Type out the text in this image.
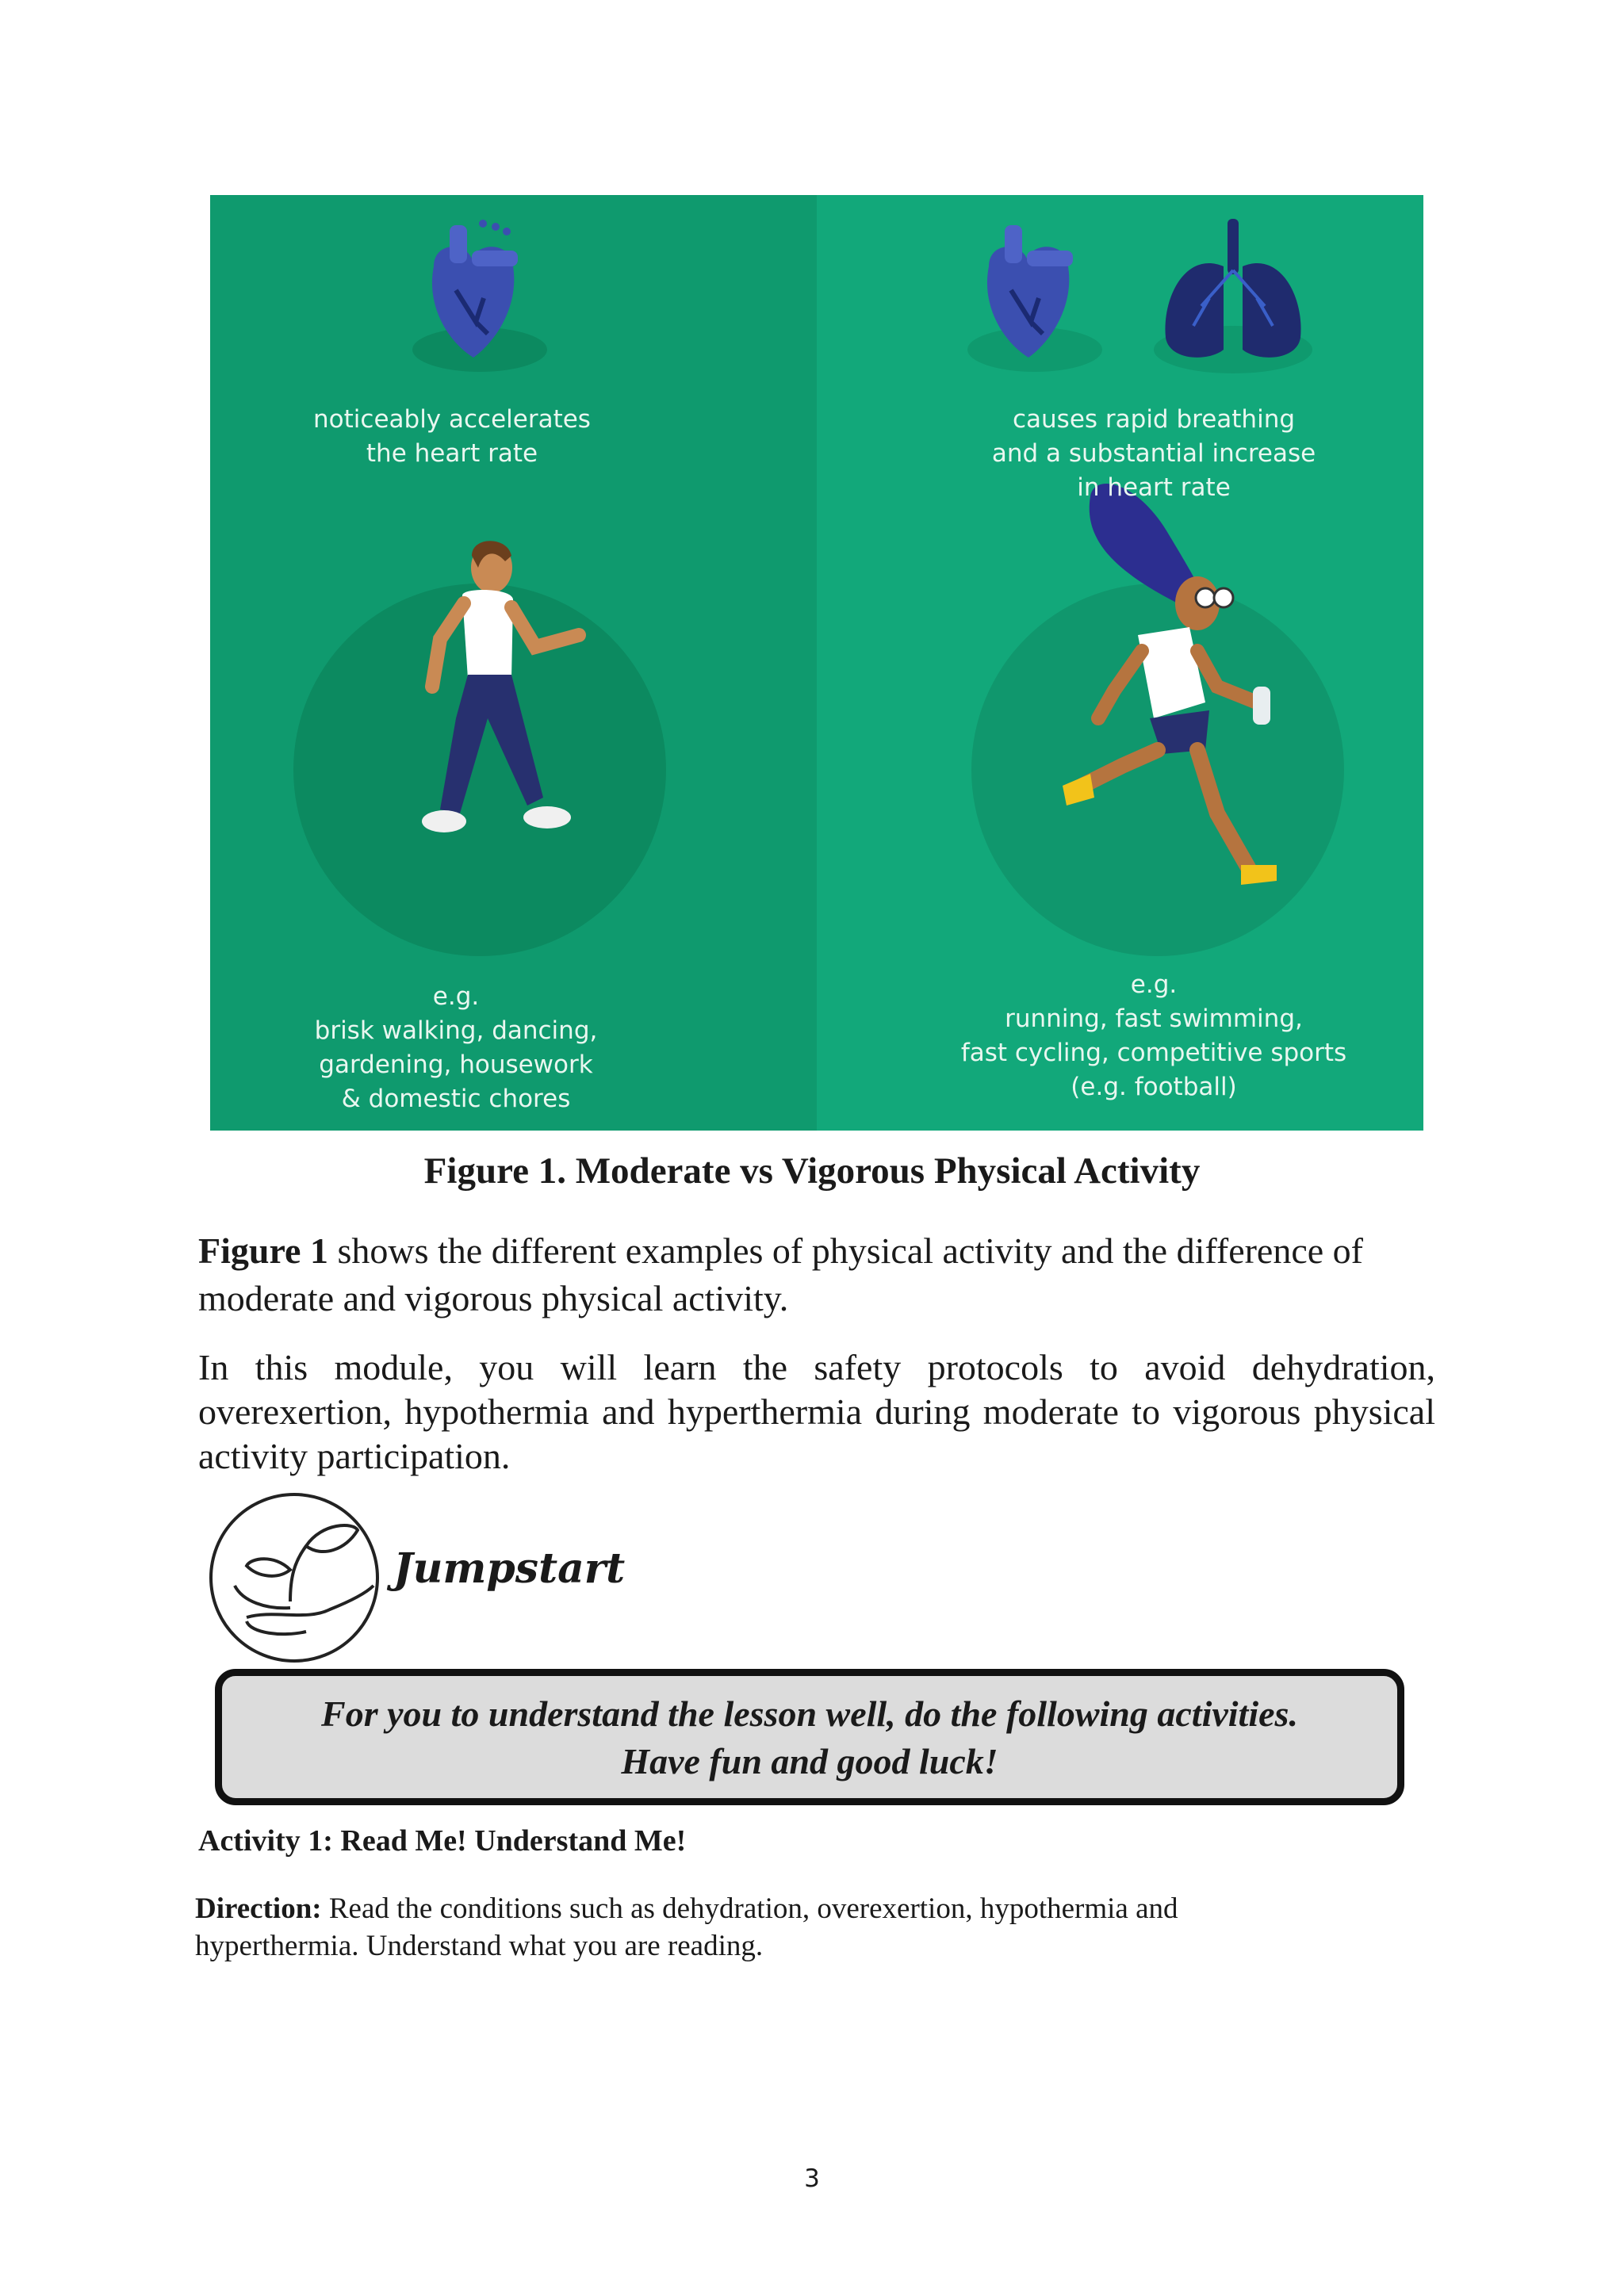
noticeably accelerates
the heart rate
causes rapid breathing
and a substantial increase
in heart rate
e.g.
brisk walking, dancing,
gardening, housework
& domestic chores
e.g.
running, fast swimming,
fast cycling, competitive sports
(e.g. football)
Figure 1. Moderate vs Vigorous Physical Activity
Figure 1 shows the different examples of physical activity and the difference of moderate and vigorous physical activity.
In this module, you will learn the safety protocols to avoid dehydration, overexertion, hypothermia and hyperthermia during moderate to vigorous physical activity participation.
Jumpstart
For you to understand the lesson well, do the following activities.
Have fun and good luck!
Activity 1: Read Me! Understand Me!
Direction: Read the conditions such as dehydration, overexertion, hypothermia and hyperthermia. Understand what you are reading.
3
